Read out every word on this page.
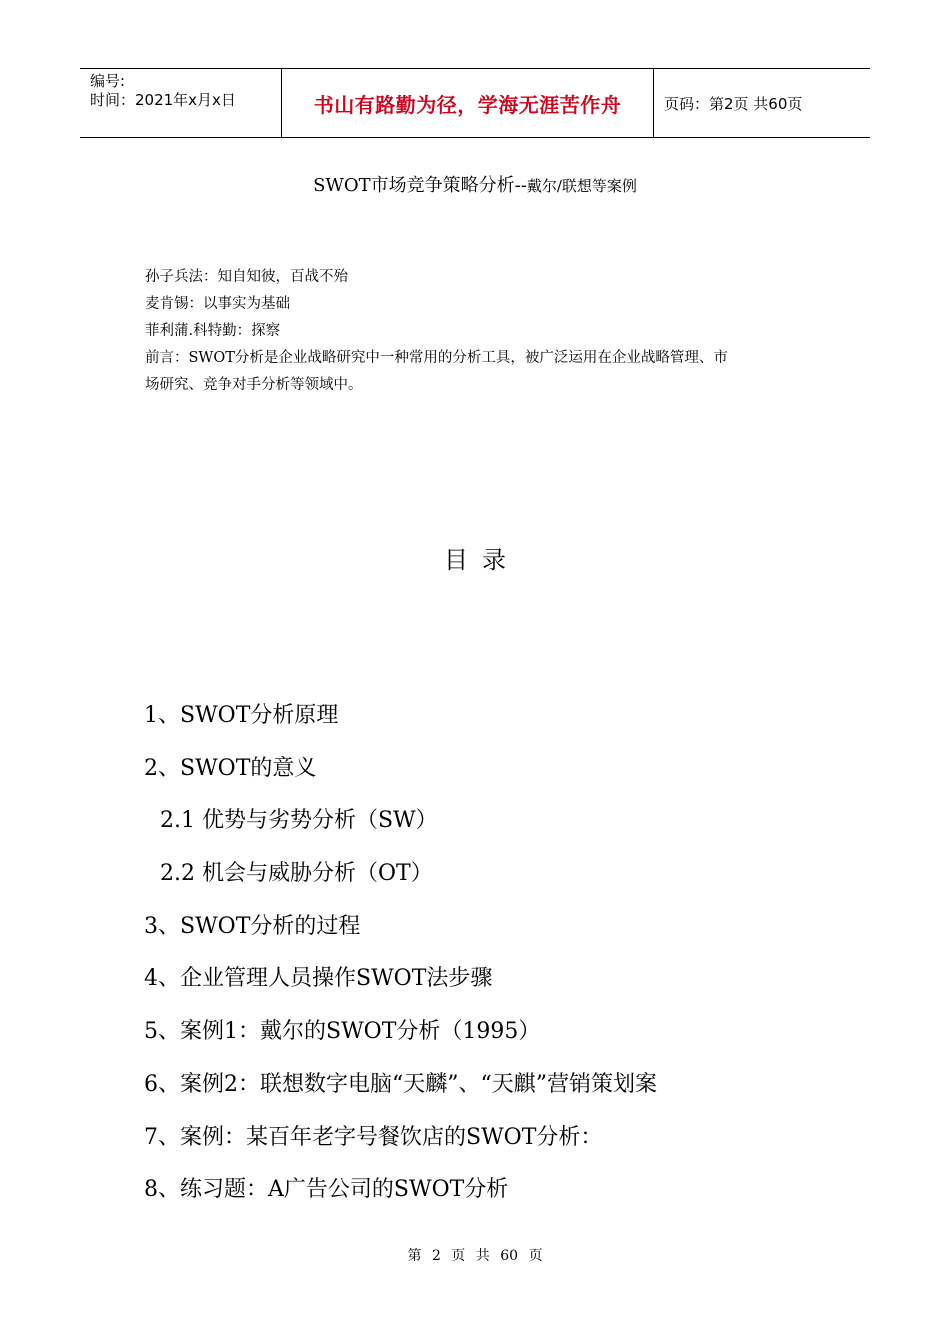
编号:
时间：2021年x月x日	书山有路勤为径，学海无涯苦作舟	页码：第2页 共60页
SWOT市场竞争策略分析--戴尔/联想等案例

孙子兵法：知自知彼，百战不殆

麦肯锡：以事实为基础

菲利蒲.科特勤：探察

前言：SWOT分析是企业战略研究中一种常用的分析工具，被广泛运用在企业战略管理、市

场研究、竞争对手分析等领域中。

目录
1、SWOT分析原理
2、SWOT的意义
2.1 优势与劣势分析（SW）
2.2 机会与威胁分析（OT）
3、SWOT分析的过程
4、企业管理人员操作SWOT法步骤
5、案例1：戴尔的SWOT分析（1995）
6、案例2：联想数字电脑“天麟”、“天麒”营销策划案
7、案例：某百年老字号餐饮店的SWOT分析：
8、练习题：A广告公司的SWOT分析
第 2 页 共 60 页
